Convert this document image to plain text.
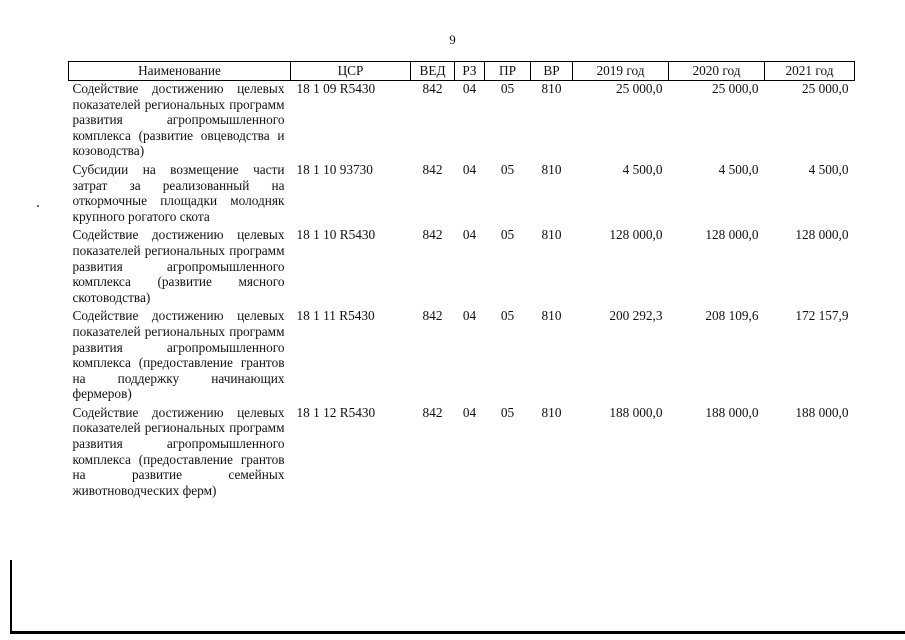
9
Наименование	ЦСР	ВЕД	РЗ	ПР	ВР	2019 год	2020 год	2021 год
Содействие достижению целевых показателей региональных программ развития агропромышленного комплекса (развитие овцеводства и козоводства)	18 1 09 R5430	842	04	05	810	25 000,0	25 000,0	25 000,0
Субсидии на возмещение части затрат за реализованный на откормочные площадки молодняк крупного рогатого скота	18 1 10 93730	842	04	05	810	4 500,0	4 500,0	4 500,0
Содействие достижению целевых показателей региональных программ развития агропромышленного комплекса (развитие мясного скотоводства)	18 1 10 R5430	842	04	05	810	128 000,0	128 000,0	128 000,0
Содействие достижению целевых показателей региональных программ развития агропромышленного комплекса (предоставление грантов на поддержку начинающих фермеров)	18 1 11 R5430	842	04	05	810	200 292,3	208 109,6	172 157,9
Содействие достижению целевых показателей региональных программ развития агропромышленного комплекса (предоставление грантов на развитие семейных животноводческих ферм)	18 1 12 R5430	842	04	05	810	188 000,0	188 000,0	188 000,0
